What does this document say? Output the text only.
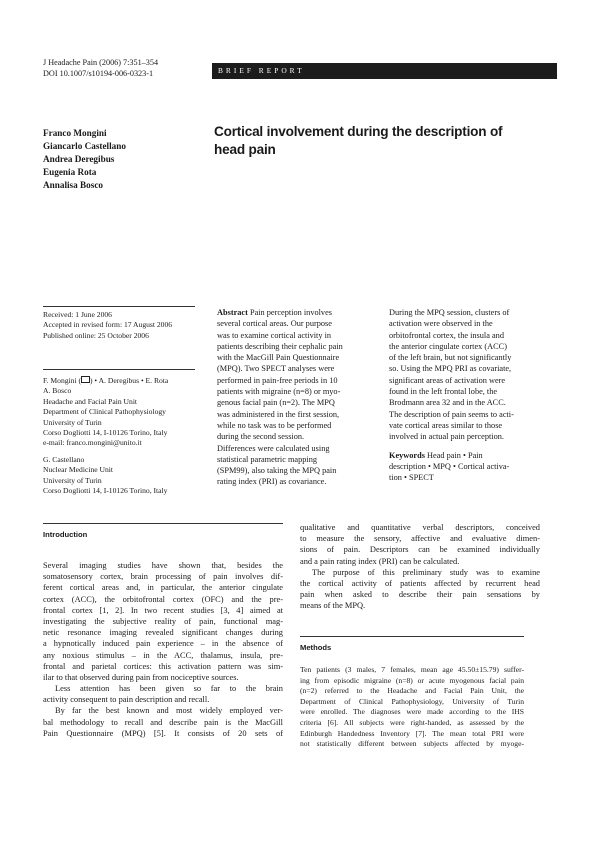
J Headache Pain (2006) 7:351–354
DOI 10.1007/s10194-006-0323-1	BRIEF REPORT
Franco Mongini
Giancarlo Castellano
Andrea Deregibus
Eugenia Rota
Annalisa Bosco
Cortical involvement during the description of
head pain
Received: 1 June 2006
Accepted in revised form: 17 August 2006
Published online: 25 October 2006
F. Mongini ( ) • A. Deregibus • E. Rota
A. Bosco
Headache and Facial Pain Unit
Department of Clinical Pathophysiology
University of Turin
Corso Dogliotti 14, I-10126 Torino, Italy
e-mail: franco.mongini@unito.it
G. Castellano
Nuclear Medicine Unit
University of Turin
Corso Dogliotti 14, I-10126 Torino, Italy
Abstract Pain perception involves
several cortical areas. Our purpose
was to examine cortical activity in
patients describing their cephalic pain
with the MacGill Pain Questionnaire
(MPQ). Two SPECT analyses were
performed in pain-free periods in 10
patients with migraine (n=8) or myo-
genous facial pain (n=2). The MPQ
was administered in the first session,
while no task was to be performed
during the second session.
Differences were calculated using
statistical parametric mapping
(SPM99), also taking the MPQ pain
rating index (PRI) as covariance.
During the MPQ session, clusters of
activation were observed in the
orbitofrontal cortex, the insula and
the anterior cingulate cortex (ACC)
of the left brain, but not significantly
so. Using the MPQ PRI as covariate,
significant areas of activation were
found in the left frontal lobe, the
Brodmann area 32 and in the ACC.
The description of pain seems to acti-
vate cortical areas similar to those
involved in actual pain perception.
Keywords Head pain • Pain
description • MPQ • Cortical activa-
tion • SPECT
Introduction
Several imaging studies have shown that, besides the
somatosensory cortex, brain processing of pain involves dif-
ferent cortical areas and, in particular, the anterior cingulate
cortex (ACC), the orbitofrontal cortex (OFC) and the pre-
frontal cortex [1, 2]. In two recent studies [3, 4] aimed at
investigating the subjective reality of pain, functional mag-
netic resonance imaging revealed significant changes during
a hypnotically induced pain experience – in the absence of
any noxious stimulus – in the ACC, thalamus, insula, pre-
frontal and parietal cortices: this activation pattern was sim-
ilar to that observed during pain from nociceptive sources.
Less attention has been given so far to the brain
activity consequent to pain description and recall.
By far the best known and most widely employed ver-
bal methodology to recall and describe pain is the MacGill
Pain Questionnaire (MPQ) [5]. It consists of 20 sets of
qualitative and quantitative verbal descriptors, conceived
to measure the sensory, affective and evaluative dimen-
sions of pain. Descriptors can be examined individually
and a pain rating index (PRI) can be calculated.
The purpose of this preliminary study was to examine
the cortical activity of patients affected by recurrent head
pain when asked to describe their pain sensations by
means of the MPQ.
Methods
Ten patients (3 males, 7 females, mean age 45.50±15.79) suffer-
ing from episodic migraine (n=8) or acute myogenous facial pain
(n=2) referred to the Headache and Facial Pain Unit, the
Department of Clinical Pathophysiology, University of Turin
were enrolled. The diagnoses were made according to the IHS
criteria [6]. All subjects were right-handed, as assessed by the
Edinburgh Handedness Inventory [7]. The mean total PRI were
not statistically different between subjects affected by myoge-
